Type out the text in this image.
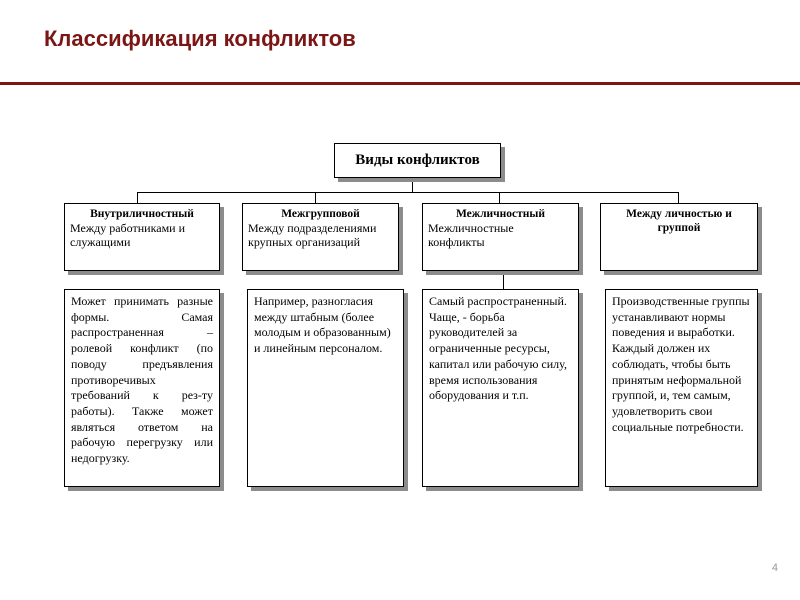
Классификация конфликтов
Виды конфликтов
Внутриличностный
Между работниками и служащими
Межгрупповой
Между подразделениями крупных организаций
Межличностный
Межличностные конфликты
Между личностью и группой
Может принимать разные формы. Самая распространенная – ролевой конфликт (по поводу предъявления противоречивых требований к рез-ту работы). Также может являться ответом на рабочую перегрузку или недогрузку.
Например, разногласия между штабным (более молодым и образованным) и линейным персоналом.
Самый распространенный. Чаще, - борьба руководителей за ограниченные ресурсы, капитал или рабочую силу, время использования оборудования и т.п.
Производственные группы устанавливают нормы поведения и выработки. Каждый должен их соблюдать, чтобы быть принятым неформальной группой, и, тем самым, удовлетворить свои социальные потребности.
4
